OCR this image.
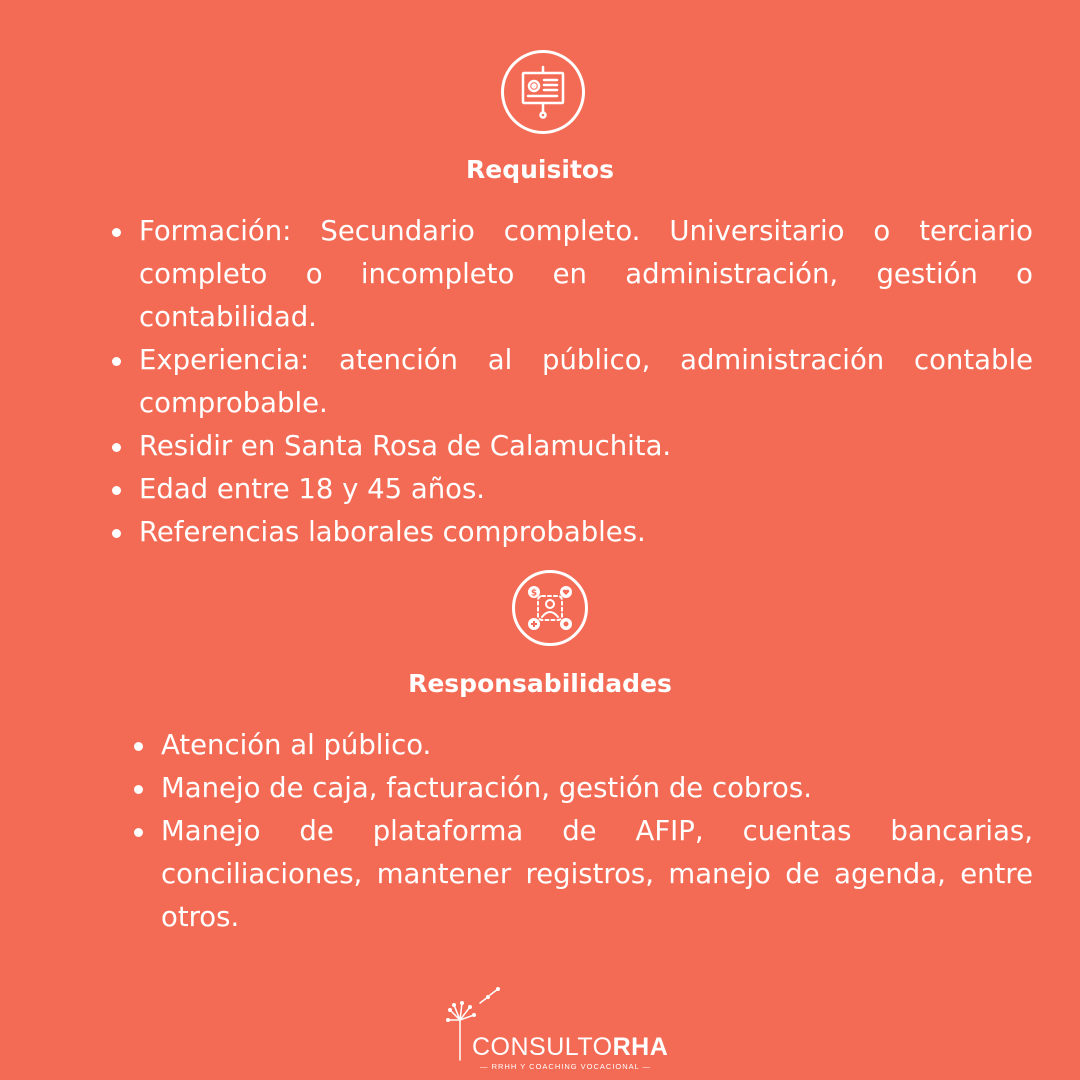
Requisitos
Formación: Secundario completo. Universitario o terciario completo o incompleto en administración, gestión o contabilidad.
Experiencia: atención al público, administración contable comprobable.
Residir en Santa Rosa de Calamuchita.
Edad entre 18 y 45 años.
Referencias laborales comprobables.
$
Responsabilidades
Atención al público.
Manejo de caja, facturación, gestión de cobros.
Manejo de plataforma de AFIP, cuentas bancarias, conciliaciones, mantener registros, manejo de agenda, entre otros.
CONSULTORHA
— RRHH Y COACHING VOCACIONAL —
